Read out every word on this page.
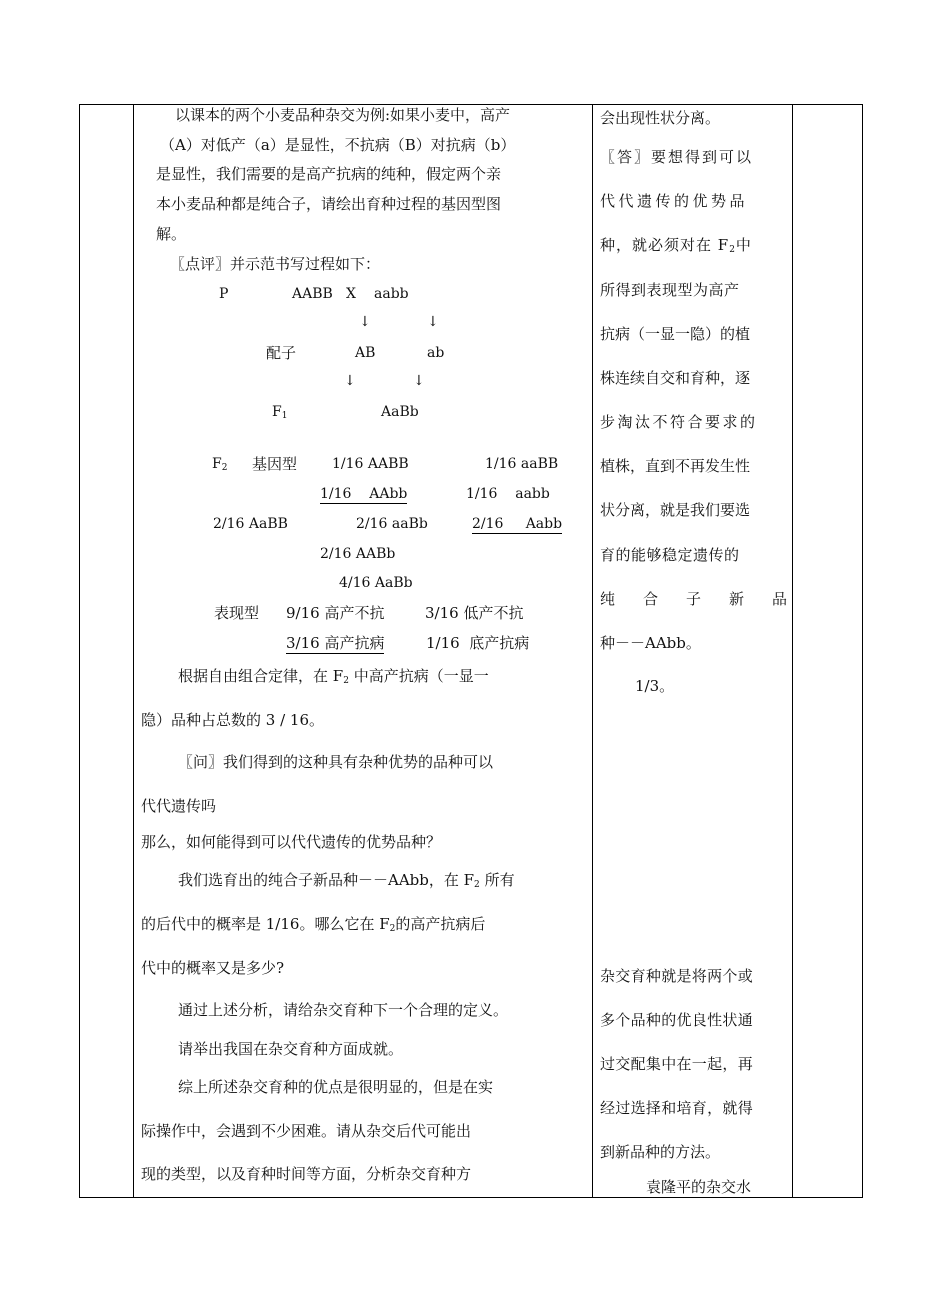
以课本的两个小麦品种杂交为例:如果小麦中，高产
（A）对低产（a）是显性，不抗病（B）对抗病（b）
是显性，我们需要的是高产抗病的纯种，假定两个亲
本小麦品种都是纯合子，请绘出育种过程的基因型图
解。
〖点评〗并示范书写过程如下：
P	AABB X aabb
↓	↓
配子	AB	ab
↓	↓
$F_1$	AaBb
$F_2$ 基因型 1/16 AABB	1/16 aaBB
1/16    AAbb	1/16    aabb
2/16 AaBB	2/16 aaBb	2/16     Aabb
2/16 AABb
4/16 AaBb
表现型 9/16 高产不抗	3/16 低产不抗
3/16 高产抗病	1/16  底产抗病
根据自由组合定律，在 $F_2$ 中高产抗病（一显一
隐）品种占总数的 3 / 16。
〖问〗我们得到的这种具有杂种优势的品种可以
代代遗传吗
那么，如何能得到可以代代遗传的优势品种？
我们选育出的纯合子新品种－－AAbb，在 $F_2$ 所有
的后代中的概率是 1/16。哪么它在 $F_2$的高产抗病后
代中的概率又是多少?
通过上述分析，请给杂交育种下一个合理的定义。
请举出我国在杂交育种方面成就。
综上所述杂交育种的优点是很明显的，但是在实
际操作中，会遇到不少困难。请从杂交后代可能出
现的类型，以及育种时间等方面，分析杂交育种方
会出现性状分离。
〖答〗要想得到可以
代代遗传的优势品
种，就必须对在 $F_2$中
所得到表现型为高产
抗病（一显一隐）的植
株连续自交和育种，逐
步淘汰不符合要求的
植株，直到不再发生性
状分离，就是我们要选
育的能够稳定遗传的
纯 合 子 新 品
种－－AAbb。
1/3。
杂交育种就是将两个或
多个品种的优良性状通
过交配集中在一起，再
经过选择和培育，就得
到新品种的方法。
袁隆平的杂交水
